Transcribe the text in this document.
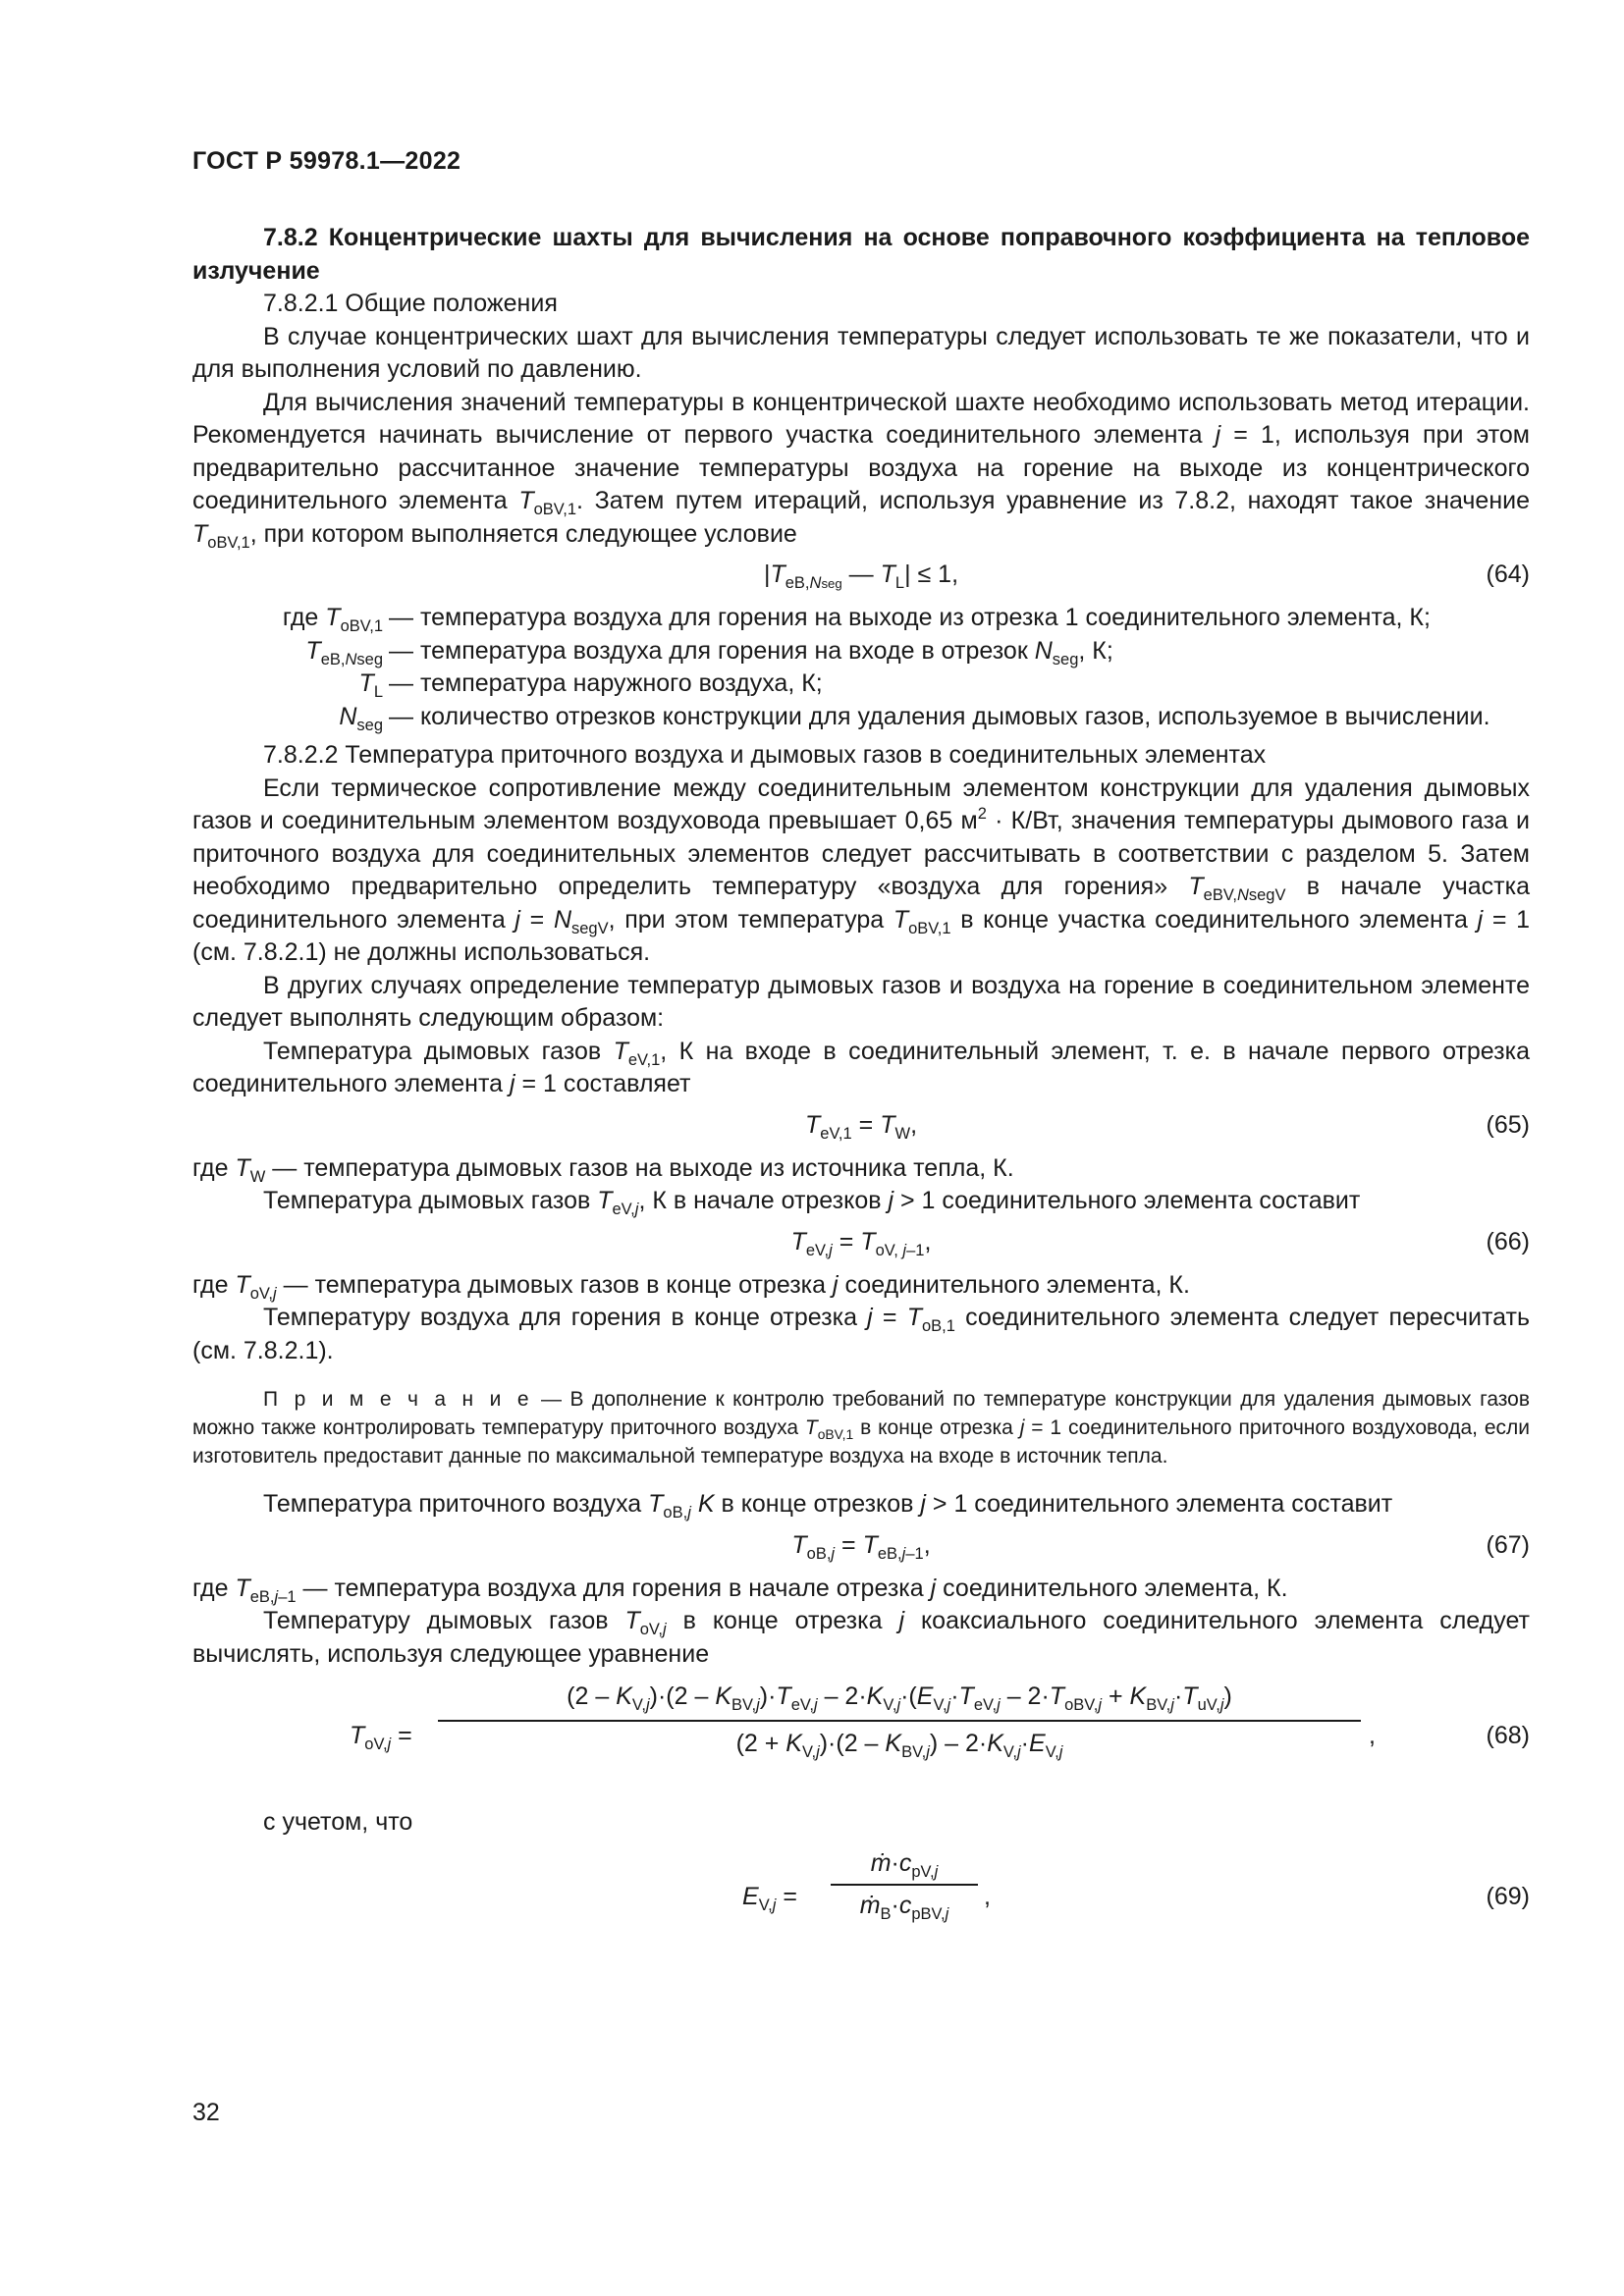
ГОСТ Р 59978.1—2022

7.8.2 Концентрические шахты для вычисления на основе поправочного коэффициента на тепловое излучение

7.8.2.1 Общие положения

В случае концентрических шахт для вычисления температуры следует использовать те же показатели, что и для выполнения условий по давлению.

Для вычисления значений температуры в концентрической шахте необходимо использовать метод итерации. Рекомендуется начинать вычисление от первого участка соединительного элемента j = 1, используя при этом предварительно рассчитанное значение температуры воздуха на горение на выходе из концентрического соединительного элемента $T_{oBV,1}$. Затем путем итераций, используя уравнение из 7.8.2, находят такое значение $T_{oBV,1}$, при котором выполняется следующее условие

$|T_{eB,Nseg}$ — $T_L| \le 1$,	(64)
где $T_{oBV,1}$ — температура воздуха для горения на выходе из отрезка 1 соединительного элемента, К;
$T_{eB,Nseg}$ — температура воздуха для горения на входе в отрезок $N_{seg}$, К;
$T_L$ — температура наружного воздуха, К;
$N_{seg}$ — количество отрезков конструкции для удаления дымовых газов, используемое в вычислении.

7.8.2.2 Температура приточного воздуха и дымовых газов в соединительных элементах

Если термическое сопротивление между соединительным элементом конструкции для удаления дымовых газов и соединительным элементом воздуховода превышает 0,65 $м^2 \cdot К/Вт$, значения температуры дымового газа и приточного воздуха для соединительных элементов следует рассчитывать в соответствии с разделом 5. Затем необходимо предварительно определить температуру «воздуха для горения» $T_{eBV,NsegV}$ в начале участка соединительного элемента $j = N_{segV}$, при этом температура $T_{oBV,1}$ в конце участка соединительного элемента j = 1 (см. 7.8.2.1) не должны использоваться.

В других случаях определение температур дымовых газов и воздуха на горение в соединительном элементе следует выполнять следующим образом:

Температура дымовых газов $T_{eV,1}$, К на входе в соединительный элемент, т. е. в начале первого отрезка соединительного элемента j = 1 составляет

$T_{eV,1} = T_W$,	(65)

где $T_W$ — температура дымовых газов на выходе из источника тепла, К.

Температура дымовых газов $T_{eV,j}$, К в начале отрезков j > 1 соединительного элемента составит

$T_{eV,j} = T_{oV, j-1}$,	(66)

где $T_{oV,j}$ — температура дымовых газов в конце отрезка j соединительного элемента, К.

Температуру воздуха для горения в конце отрезка $j = T_{oB,1}$ соединительного элемента следует пересчитать (см. 7.8.2.1).

П р и м е ч а н и е — В дополнение к контролю требований по температуре конструкции для удаления дымовых газов можно также контролировать температуру приточного воздуха $T_{oBV,1}$ в конце отрезка j = 1 соединительного приточного воздуховода, если изготовитель предоставит данные по максимальной температуре воздуха на входе в источник тепла.

Температура приточного воздуха $T_{oB,j}$ K в конце отрезков j > 1 соединительного элемента составит

$T_{oB,j} = T_{eB,j-1}$,	(67)

где $T_{eB,j-1}$ — температура воздуха для горения в начале отрезка j соединительного элемента, К.

Температуру дымовых газов $T_{oV,j}$ в конце отрезка j коаксиального соединительного элемента следует вычислять, используя следующее уравнение

$T_{oV,j}$ =
$(2 - K_{V,j})\cdot(2 - K_{BV,j})\cdot T_{eV,j} - 2\cdot K_{V,j}\cdot(E_{V,j}\cdot T_{eV,j} - 2\cdot T_{oBV,j} + K_{BV,j}\cdot T_{uV,j})$
$(2 + K_{V,j})\cdot(2 - K_{BV,j}) - 2\cdot K_{V,j}\cdot E_{V,j}$
,	(68)

с учетом, что

$E_{V,j}$ =
$ṁ\cdot c_{pV,j}$
$ṁ_B\cdot c_{pBV,j}$
,	(69)
32
